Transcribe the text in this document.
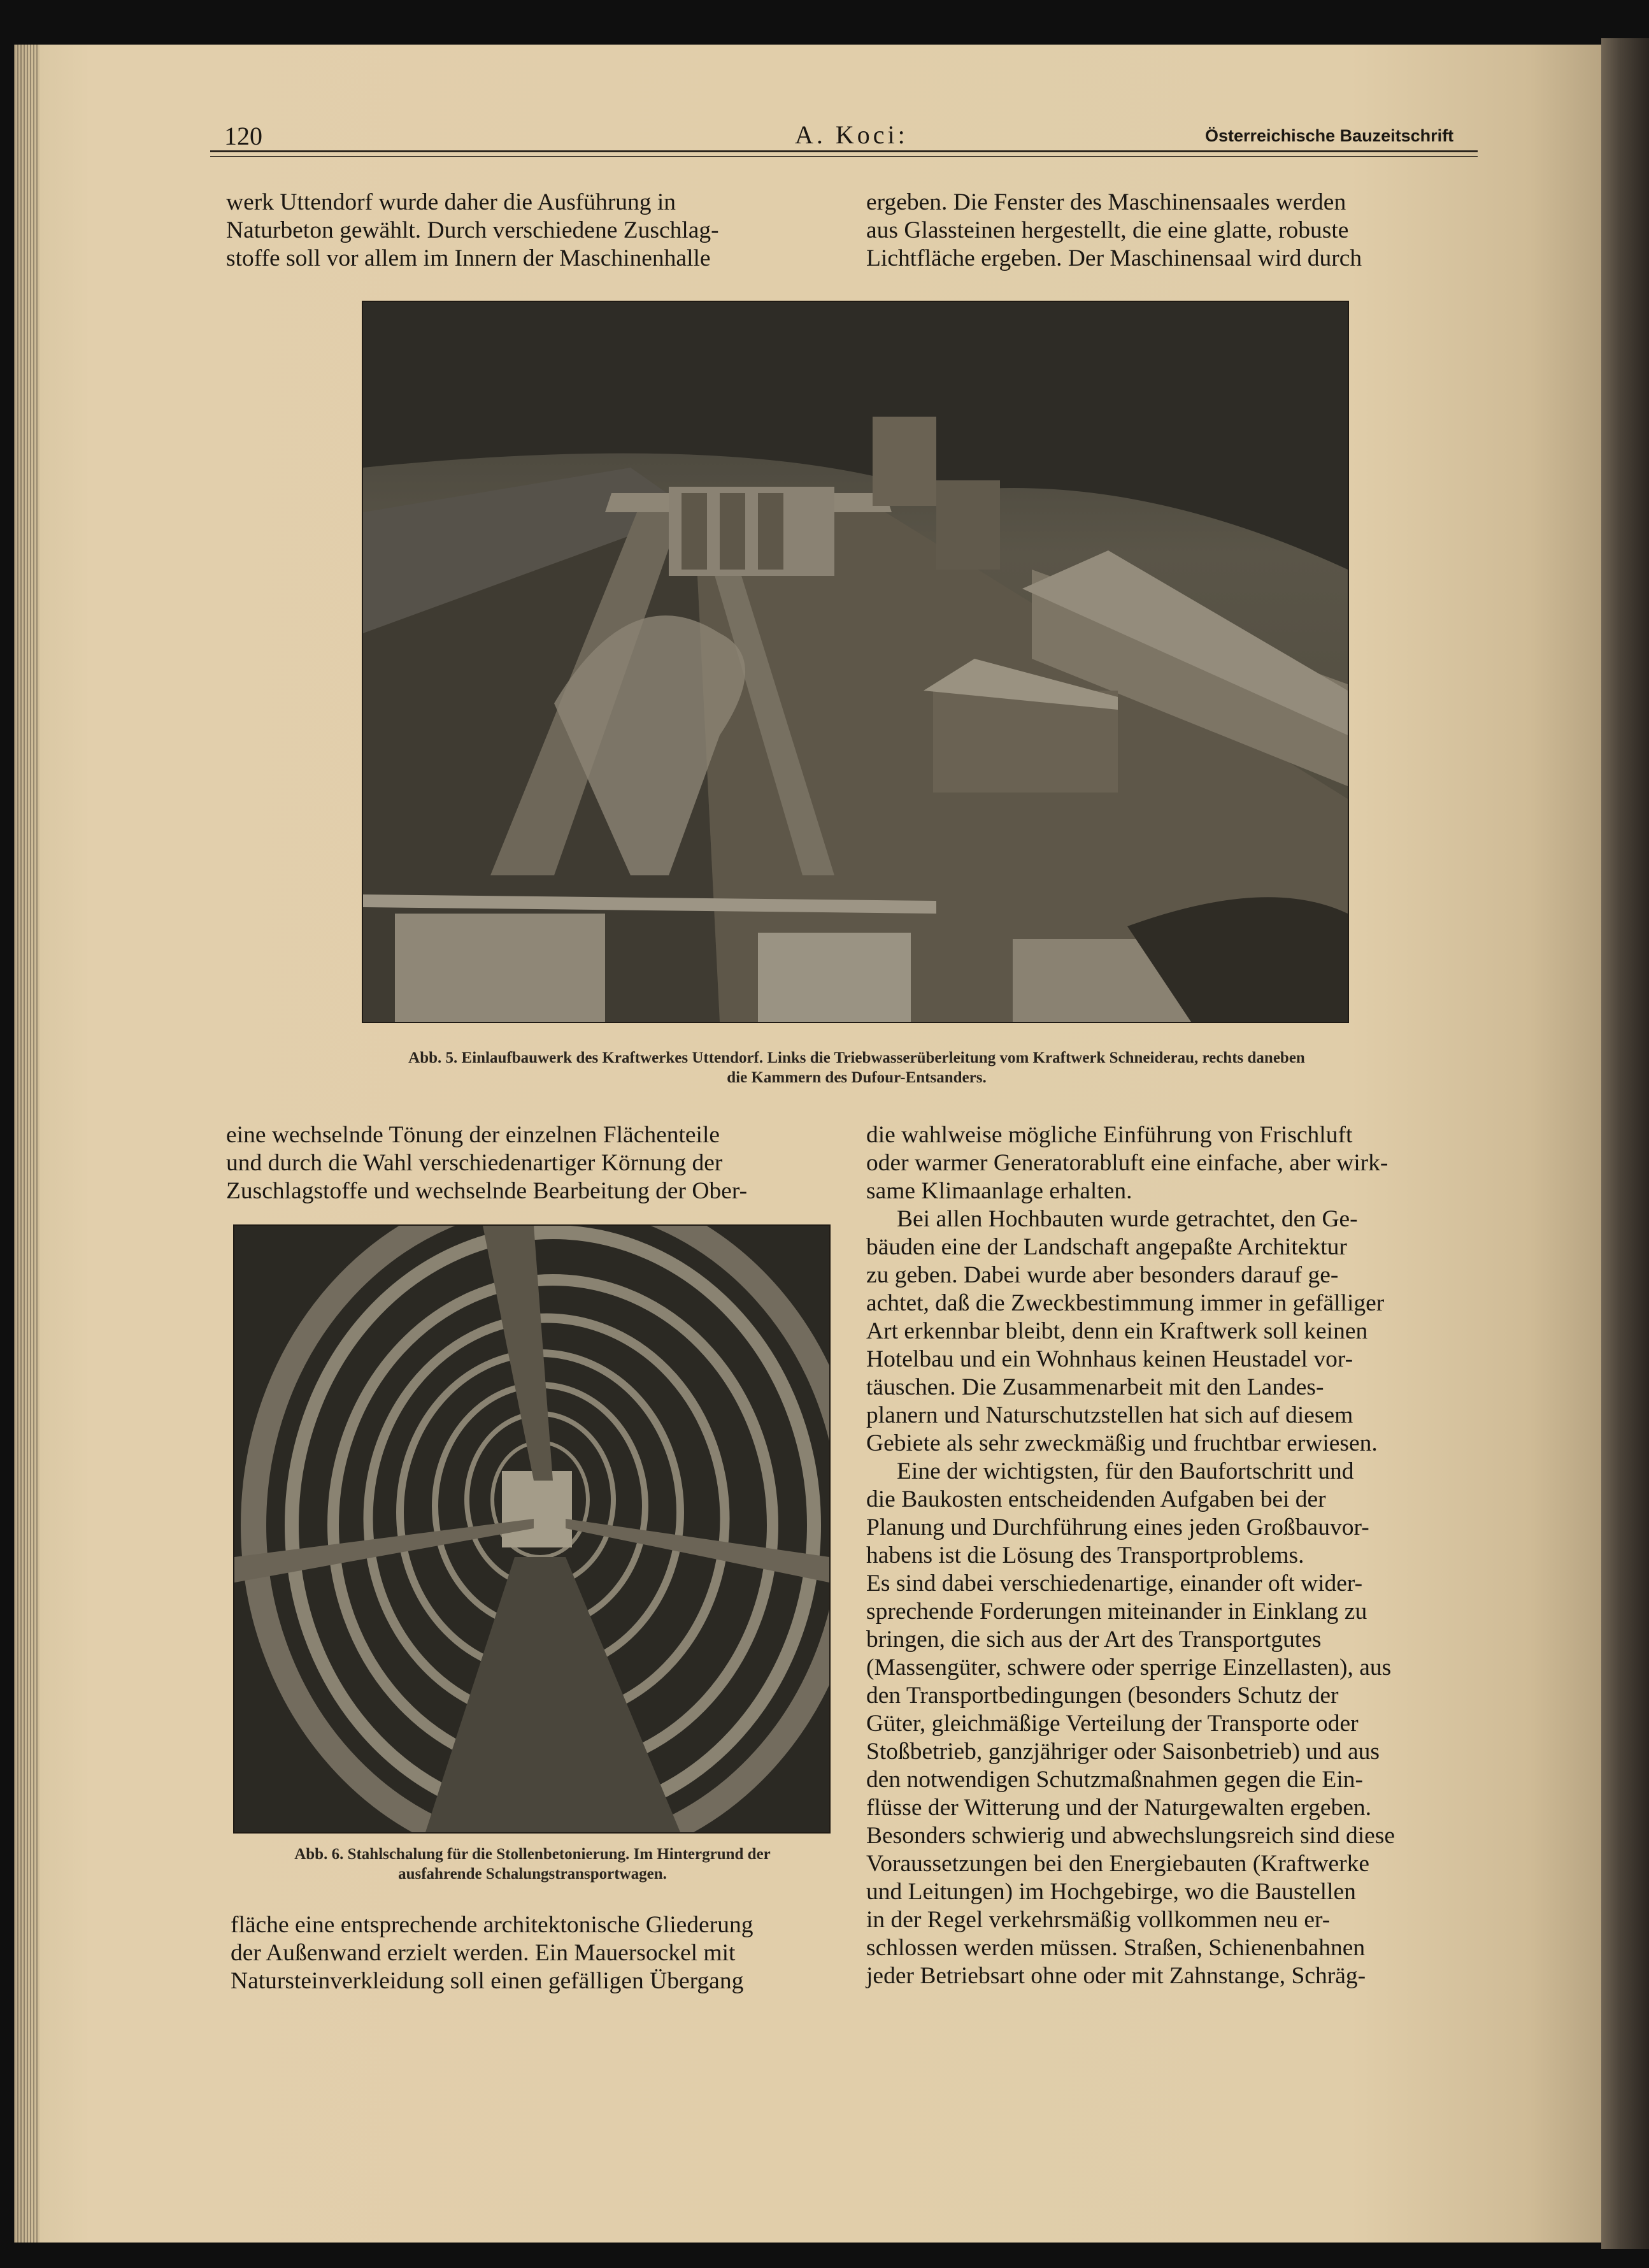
120	A. Koci:	Österreichische Bauzeitschrift

werk Uttendorf wurde daher die Ausführung in

Naturbeton gewählt. Durch verschiedene Zuschlag-

stoffe soll vor allem im Innern der Maschinenhalle

ergeben. Die Fenster des Maschinensaales werden

aus Glassteinen hergestellt, die eine glatte, robuste

Lichtfläche ergeben. Der Maschinensaal wird durch

Abb. 5. Einlaufbauwerk des Kraftwerkes Uttendorf. Links die Triebwasserüberleitung vom Kraftwerk Schneiderau, rechts daneben
die Kammern des Dufour-Entsanders.

eine wechselnde Tönung der einzelnen Flächenteile

und durch die Wahl verschiedenartiger Körnung der

Zuschlagstoffe und wechselnde Bearbeitung der Ober-

Abb. 6. Stahlschalung für die Stollenbetonierung. Im Hintergrund der
ausfahrende Schalungstransportwagen.

fläche eine entsprechende architektonische Gliederung

der Außenwand erzielt werden. Ein Mauersockel mit

Natursteinverkleidung soll einen gefälligen Übergang

die wahlweise mögliche Einführung von Frischluft

oder warmer Generatorabluft eine einfache, aber wirk-

same Klimaanlage erhalten.

Bei allen Hochbauten wurde getrachtet, den Ge-

bäuden eine der Landschaft angepaßte Architektur

zu geben. Dabei wurde aber besonders darauf ge-

achtet, daß die Zweckbestimmung immer in gefälliger

Art erkennbar bleibt, denn ein Kraftwerk soll keinen

Hotelbau und ein Wohnhaus keinen Heustadel vor-

täuschen. Die Zusammenarbeit mit den Landes-

planern und Naturschutzstellen hat sich auf diesem

Gebiete als sehr zweckmäßig und fruchtbar erwiesen.

Eine der wichtigsten, für den Baufortschritt und

die Baukosten entscheidenden Aufgaben bei der

Planung und Durchführung eines jeden Großbauvor-

habens ist die Lösung des Transportproblems.

Es sind dabei verschiedenartige, einander oft wider-

sprechende Forderungen miteinander in Einklang zu

bringen, die sich aus der Art des Transportgutes

(Massengüter, schwere oder sperrige Einzellasten), aus

den Transportbedingungen (besonders Schutz der

Güter, gleichmäßige Verteilung der Transporte oder

Stoßbetrieb, ganzjähriger oder Saisonbetrieb) und aus

den notwendigen Schutzmaßnahmen gegen die Ein-

flüsse der Witterung und der Naturgewalten ergeben.

Besonders schwierig und abwechslungsreich sind diese

Voraussetzungen bei den Energiebauten (Kraftwerke

und Leitungen) im Hochgebirge, wo die Baustellen

in der Regel verkehrsmäßig vollkommen neu er-

schlossen werden müssen. Straßen, Schienenbahnen

jeder Betriebsart ohne oder mit Zahnstange, Schräg-
